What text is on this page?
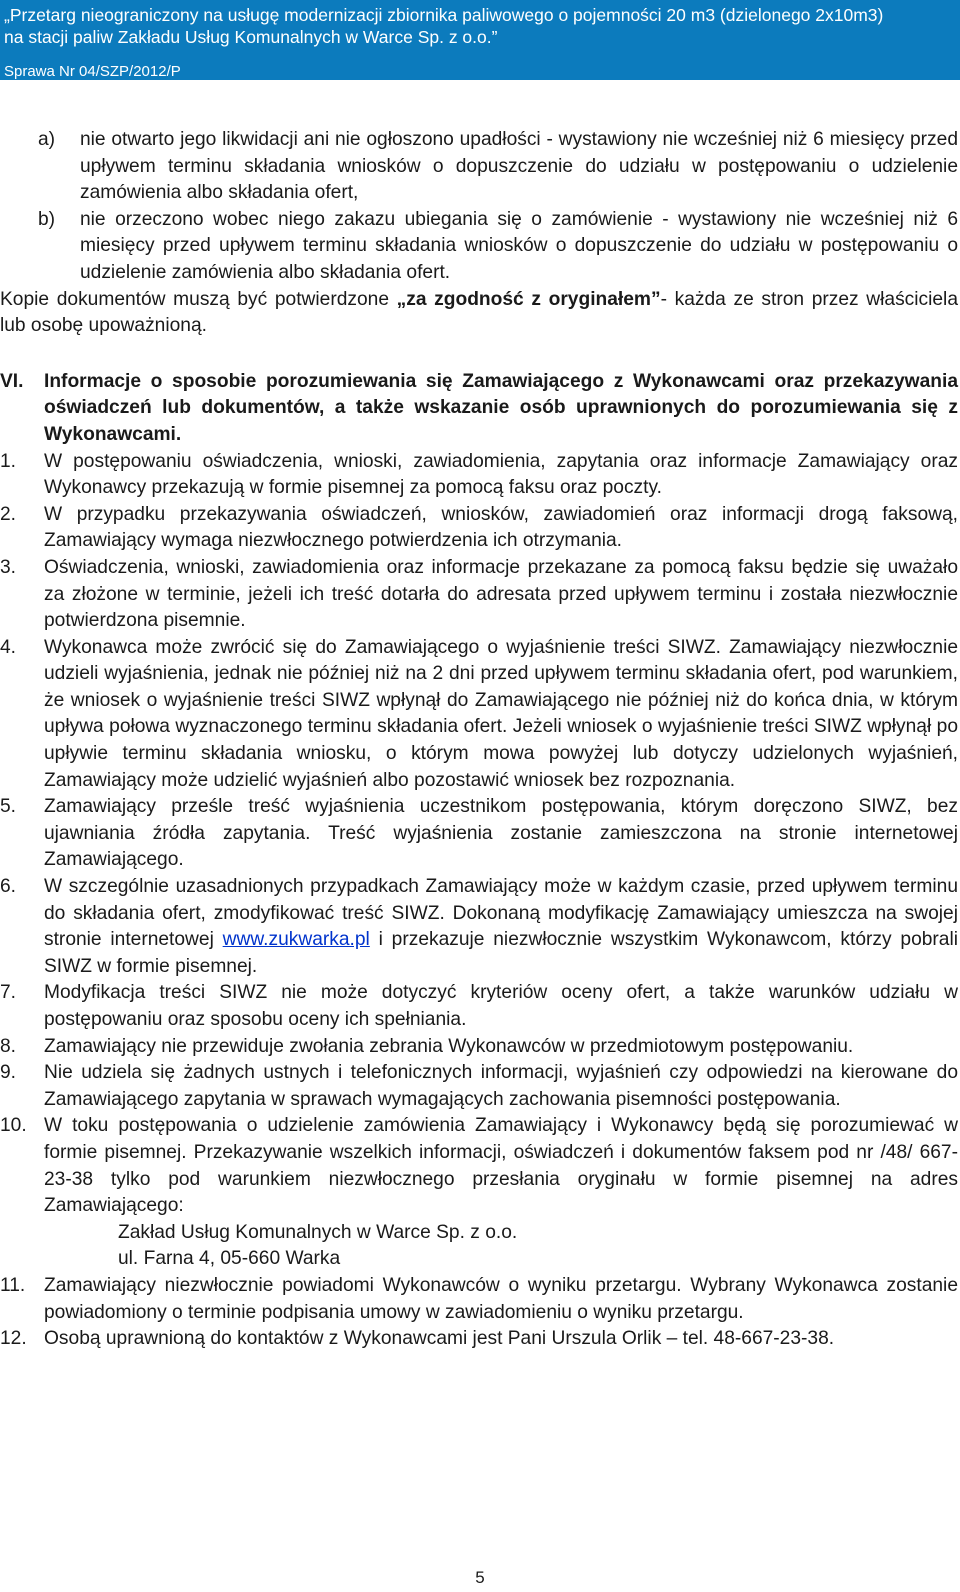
„Przetarg nieograniczony na usługę modernizacji zbiornika paliwowego o pojemności 20 m3 (dzielonego 2x10m3)
na stacji paliw Zakładu Usług Komunalnych w Warce Sp. z o.o.”
Sprawa Nr 04/SZP/2012/P
a) nie otwarto jego likwidacji ani nie ogłoszono upadłości - wystawiony nie wcześniej niż 6 miesięcy przed upływem terminu składania wniosków o dopuszczenie do udziału w postępowaniu o udzielenie zamówienia albo składania ofert,
b) nie orzeczono wobec niego zakazu ubiegania się o zamówienie - wystawiony nie wcześniej niż 6 miesięcy przed upływem terminu składania wniosków o dopuszczenie do udziału w postępowaniu o udzielenie zamówienia albo składania ofert.
Kopie dokumentów muszą być potwierdzone „za zgodność z oryginałem”- każda ze stron przez właściciela lub osobę upoważnioną.
VI.	Informacje o sposobie porozumiewania się Zamawiającego z Wykonawcami oraz przekazywania oświadczeń lub dokumentów, a także wskazanie osób uprawnionych do porozumiewania się z Wykonawcami.
1.	W postępowaniu oświadczenia, wnioski, zawiadomienia, zapytania oraz informacje Zamawiający oraz Wykonawcy przekazują w formie pisemnej za pomocą faksu oraz poczty.
2.	W przypadku przekazywania oświadczeń, wniosków, zawiadomień oraz informacji drogą faksową, Zamawiający wymaga niezwłocznego potwierdzenia ich otrzymania.
3.	Oświadczenia, wnioski, zawiadomienia oraz informacje przekazane za pomocą faksu będzie się uważało za złożone w terminie, jeżeli ich treść dotarła do adresata przed upływem terminu i została niezwłocznie potwierdzona pisemnie.
4.	Wykonawca może zwrócić się do Zamawiającego o wyjaśnienie treści SIWZ. Zamawiający niezwłocznie udzieli wyjaśnienia, jednak nie później niż na 2 dni przed upływem terminu składania ofert, pod warunkiem, że wniosek o wyjaśnienie treści SIWZ wpłynął do Zamawiającego nie później niż do końca dnia, w którym upływa połowa wyznaczonego terminu składania ofert. Jeżeli wniosek o wyjaśnienie treści SIWZ wpłynął po upływie terminu składania wniosku, o którym mowa powyżej lub dotyczy udzielonych wyjaśnień, Zamawiający może udzielić wyjaśnień albo pozostawić wniosek bez rozpoznania.
5.	Zamawiający prześle treść wyjaśnienia uczestnikom postępowania, którym doręczono SIWZ, bez ujawniania źródła zapytania. Treść wyjaśnienia zostanie zamieszczona na stronie internetowej Zamawiającego.
6.	W szczególnie uzasadnionych przypadkach Zamawiający może w każdym czasie, przed upływem terminu do składania ofert, zmodyfikować treść SIWZ. Dokonaną modyfikację Zamawiający umieszcza na swojej stronie internetowej www.zukwarka.pl i przekazuje niezwłocznie wszystkim Wykonawcom, którzy pobrali SIWZ w formie pisemnej.
7.	Modyfikacja treści SIWZ nie może dotyczyć kryteriów oceny ofert, a także warunków udziału w postępowaniu oraz sposobu oceny ich spełniania.
8.	Zamawiający nie przewiduje zwołania zebrania Wykonawców w przedmiotowym postępowaniu.
9.	Nie udziela się żadnych ustnych i telefonicznych informacji, wyjaśnień czy odpowiedzi na kierowane do Zamawiającego zapytania w sprawach wymagających zachowania pisemności postępowania.
10. W toku postępowania o udzielenie zamówienia Zamawiający i Wykonawcy będą się porozumiewać w formie pisemnej. Przekazywanie wszelkich informacji, oświadczeń i dokumentów faksem pod nr /48/ 667-23-38 tylko pod warunkiem niezwłocznego przesłania oryginału w formie pisemnej na adres Zamawiającego:
Zakład Usług Komunalnych w Warce Sp. z o.o.
ul. Farna 4, 05-660 Warka
11. Zamawiający niezwłocznie powiadomi Wykonawców o wyniku przetargu. Wybrany Wykonawca zostanie powiadomiony o terminie podpisania umowy w zawiadomieniu o wyniku przetargu.
12. Osobą uprawnioną do kontaktów z Wykonawcami jest Pani Urszula Orlik – tel. 48-667-23-38.
5
